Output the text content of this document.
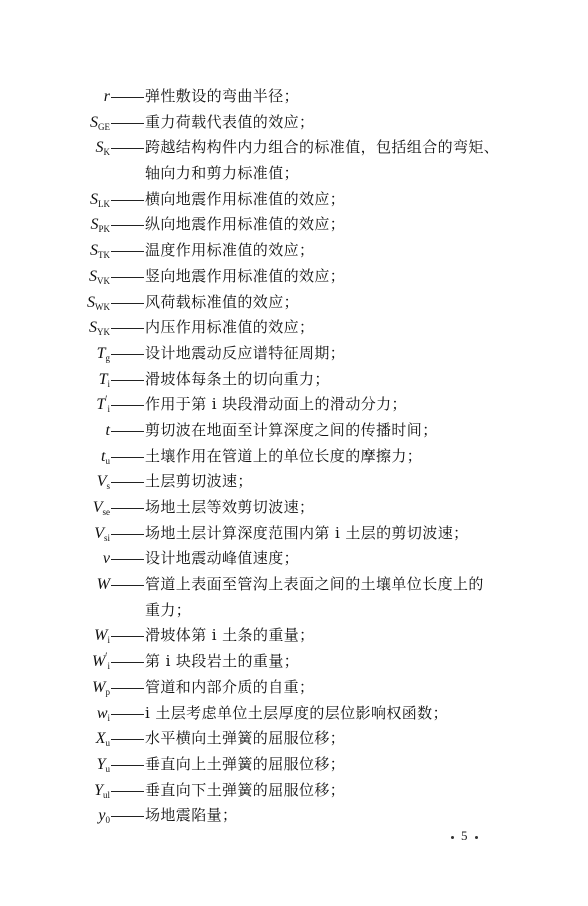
r 弹性敷设的弯曲半径；
$S_{GE}$ 重力荷载代表值的效应；
$S_K$ 跨越结构构件内力组合的标准值，包括组合的弯矩、
轴向力和剪力标准值；
$S_{LK}$ 横向地震作用标准值的效应；
$S_{PK}$ 纵向地震作用标准值的效应；
$S_{TK}$ 温度作用标准值的效应；
$S_{VK}$ 竖向地震作用标准值的效应；
$S_{WK}$ 风荷载标准值的效应；
$S_{YK}$ 内压作用标准值的效应；
$T_g$ 设计地震动反应谱特征周期；
$T_i$ 滑坡体每条土的切向重力；
$T'_i$ 作用于第 i 块段滑动面上的滑动分力；
t 剪切波在地面至计算深度之间的传播时间；
$t_u$ 土壤作用在管道上的单位长度的摩擦力；
$V_s$ 土层剪切波速；
$V_{se}$ 场地土层等效剪切波速；
$V_{si}$ 场地土层计算深度范围内第 i 土层的剪切波速；
v 设计地震动峰值速度；
W 管道上表面至管沟上表面之间的土壤单位长度上的
重力；
$W_i$ 滑坡体第 i 土条的重量；
$W'_i$ 第 i 块段岩土的重量；
$W_p$ 管道和内部介质的自重；
$w_i$ i 土层考虑单位土层厚度的层位影响权函数；
$X_u$ 水平横向土弹簧的屈服位移；
$Y_u$ 垂直向上土弹簧的屈服位移；
$Y_{ul}$ 垂直向下土弹簧的屈服位移；
$y_0$ 场地震陷量；
5
